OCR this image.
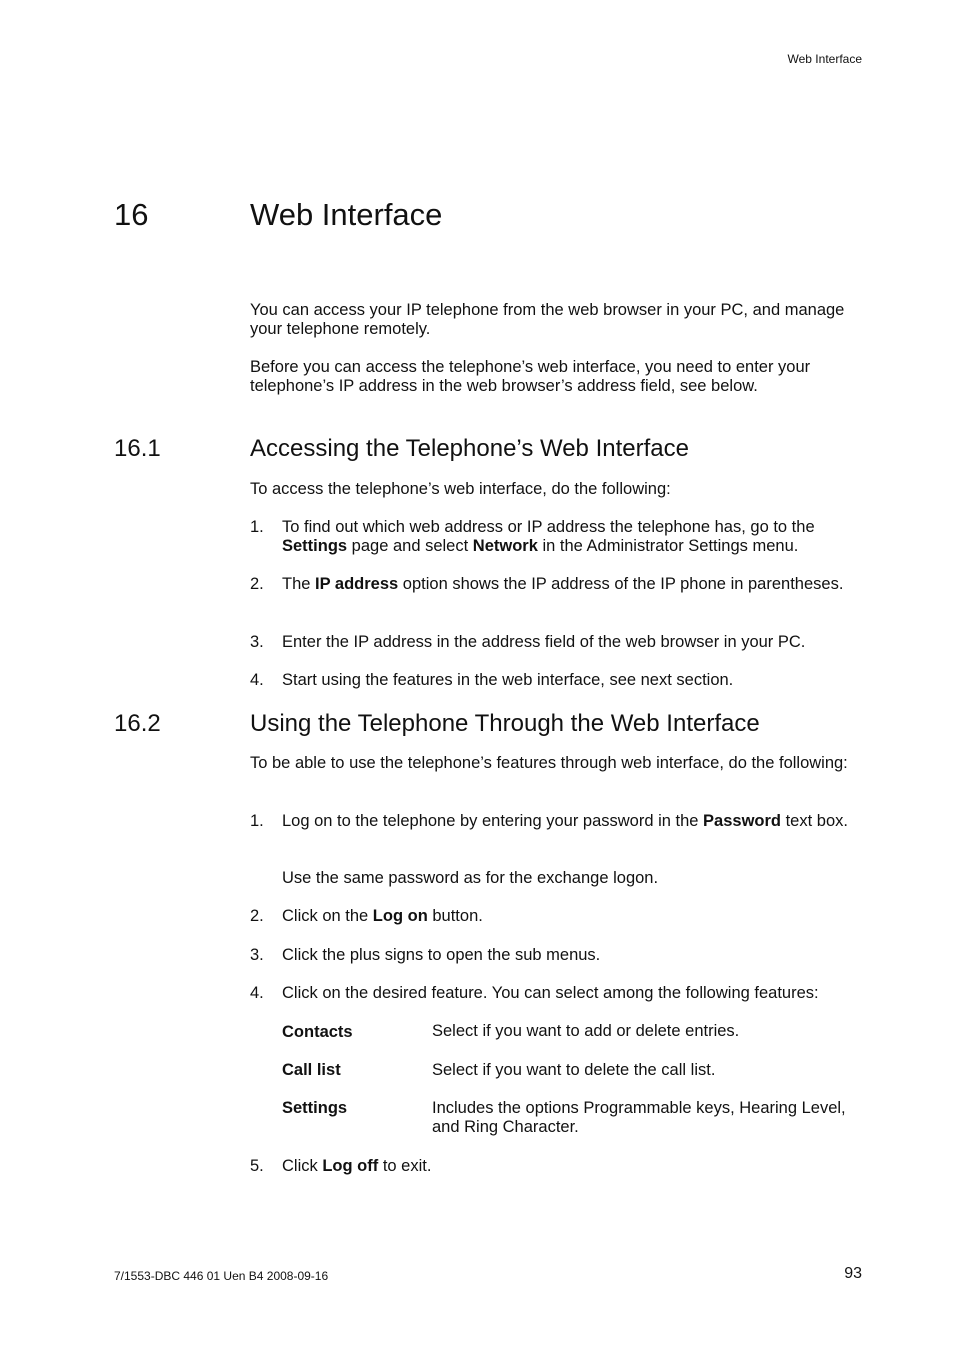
Web Interface
16	Web Interface

You can access your IP telephone from the web browser in your PC, and manage your telephone remotely.

Before you can access the telephone’s web interface, you need to enter your telephone’s IP address in the web browser’s address field, see below.

16.1	Accessing the Telephone’s Web Interface

To access the telephone’s web interface, do the following:

1. To find out which web address or IP address the telephone has, go to the Settings page and select Network in the Administrator Settings menu.
2. The IP address option shows the IP address of the IP phone in parentheses.
3. Enter the IP address in the address field of the web browser in your PC.
4. Start using the features in the web interface, see next section.
16.2	Using the Telephone Through the Web Interface

To be able to use the telephone’s features through web interface, do the following:

1. Log on to the telephone by entering your password in the Password text box.
Use the same password as for the exchange logon.
2. Click on the Log on button.
3. Click the plus signs to open the sub menus.
4. Click on the desired feature. You can select among the following features:
Contacts	Select if you want to add or delete entries.
Call list	Select if you want to delete the call list.
Settings	Includes the options Programmable keys, Hearing Level, and Ring Character.
5. Click Log off to exit.
7/1553-DBC 446 01 Uen B4 2008-09-16	93
